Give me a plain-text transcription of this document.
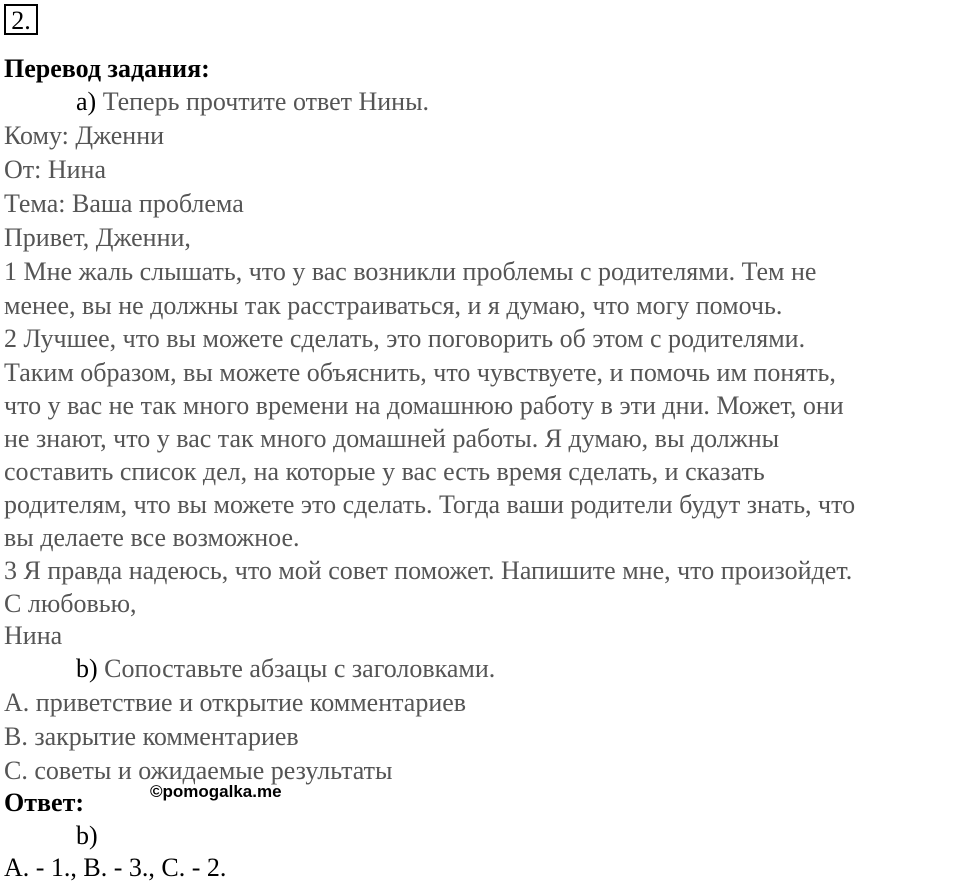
2.
Перевод задания:
a) Теперь прочтите ответ Нины.
Кому: Дженни
От: Нина
Тема: Ваша проблема
Привет, Дженни,
1 Мне жаль слышать, что у вас возникли проблемы с родителями. Тем не
менее, вы не должны так расстраиваться, и я думаю, что могу помочь.
2 Лучшее, что вы можете сделать, это поговорить об этом с родителями.
Таким образом, вы можете объяснить, что чувствуете, и помочь им понять,
что у вас не так много времени на домашнюю работу в эти дни. Может, они
не знают, что у вас так много домашней работы. Я думаю, вы должны
составить список дел, на которые у вас есть время сделать, и сказать
родителям, что вы можете это сделать. Тогда ваши родители будут знать, что
вы делаете все возможное.
3 Я правда надеюсь, что мой совет поможет. Напишите мне, что произойдет.
С любовью,
Нина
b) Сопоставьте абзацы с заголовками.
A. приветствие и открытие комментариев
B. закрытие комментариев
C. советы и ожидаемые результаты
Ответ:	©pomogalka.me
b)
A. - 1., B. - 3., C. - 2.
